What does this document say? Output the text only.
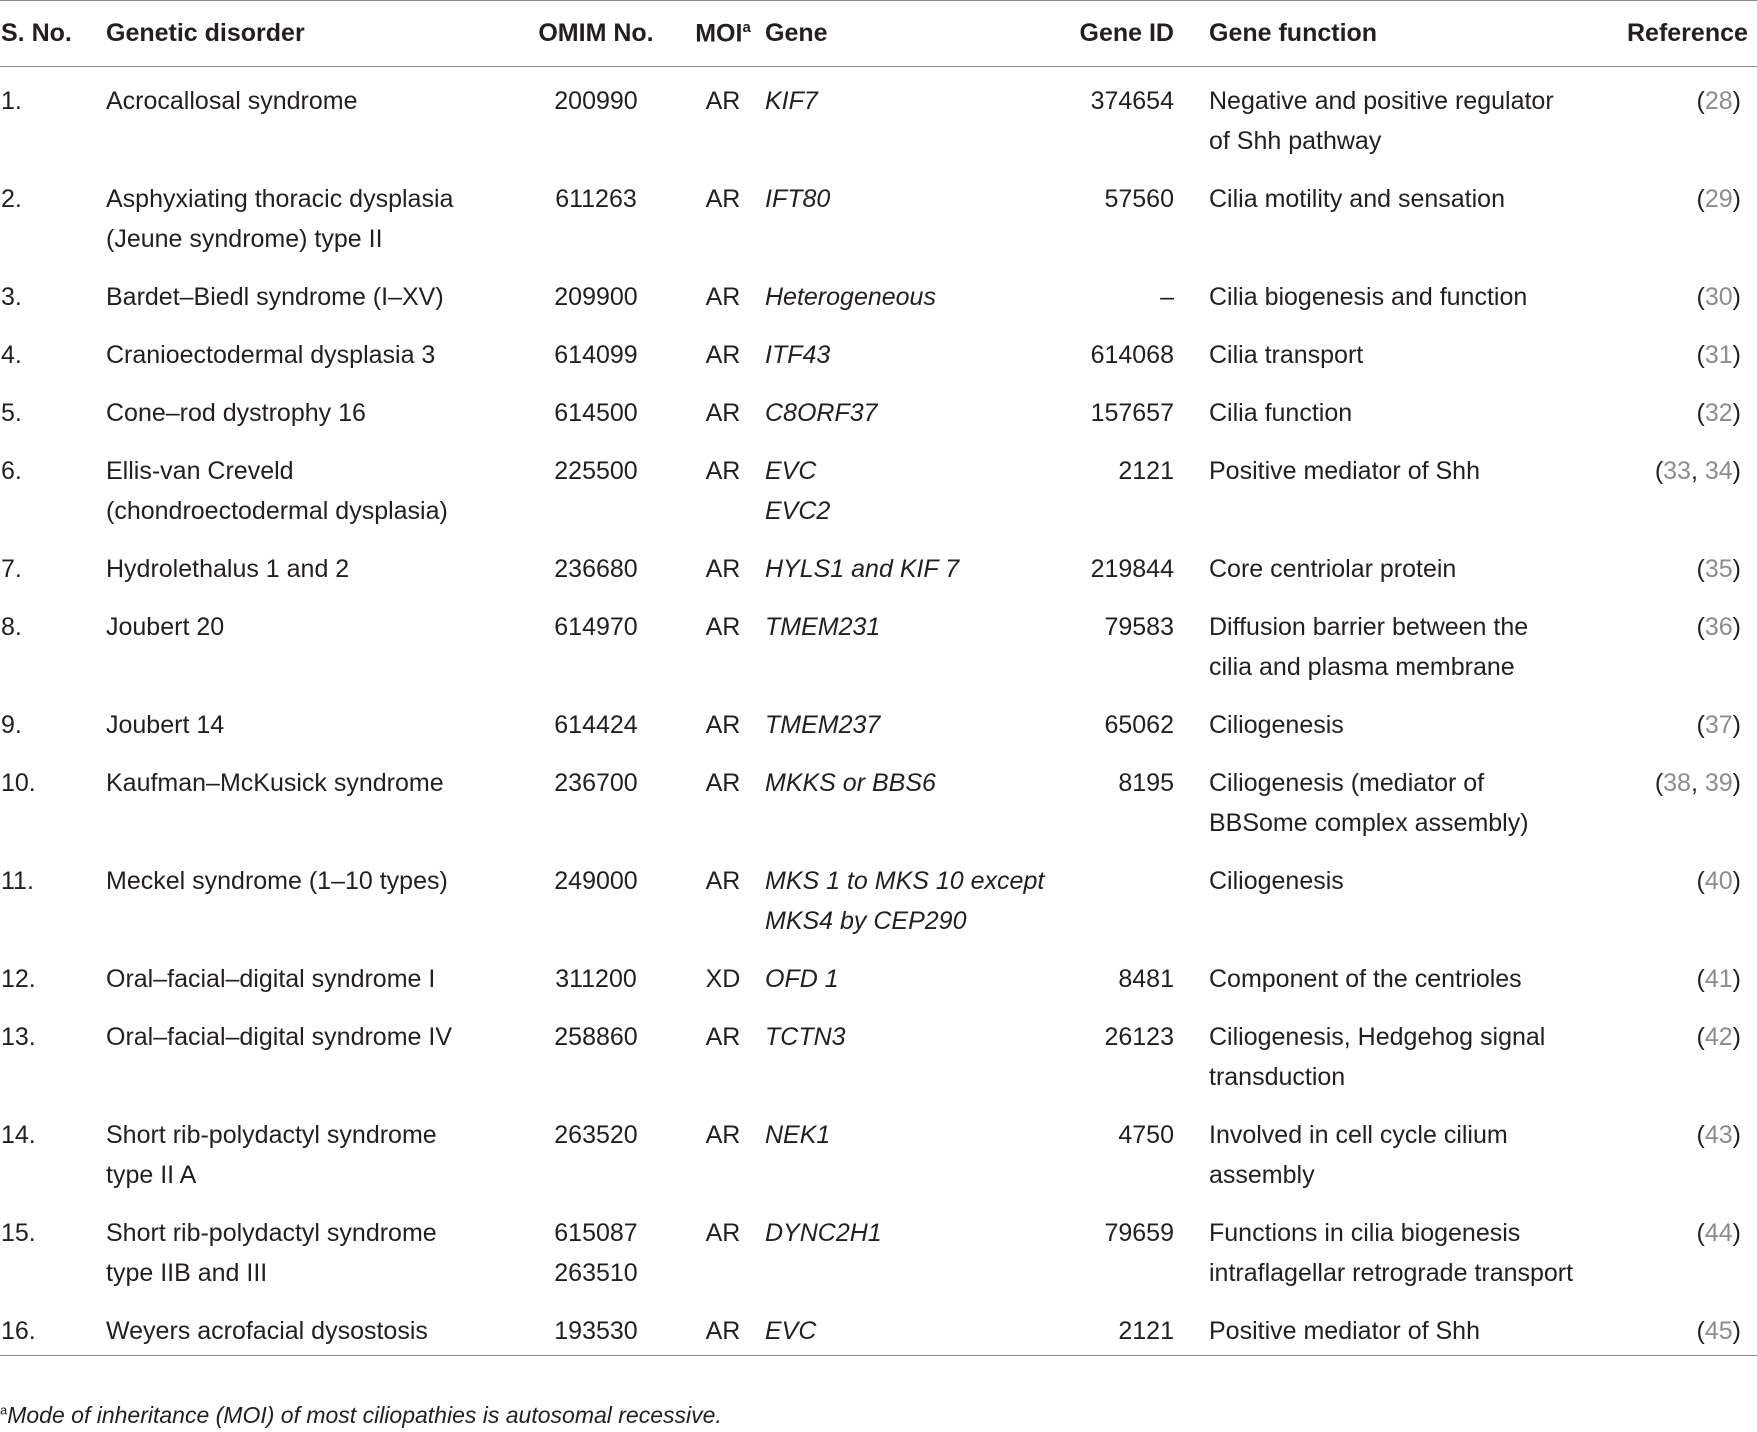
S. No.	Genetic disorder	OMIM No.	MOI$^a$	Gene	Gene ID	Gene function	Reference
1.	Acrocallosal syndrome	200990	AR	KIF7	374654	Negative and positive regulator
of Shh pathway	(28)
2.	Asphyxiating thoracic dysplasia
(Jeune syndrome) type II	611263	AR	IFT80	57560	Cilia motility and sensation	(29)
3.	Bardet–Biedl syndrome (I–XV)	209900	AR	Heterogeneous	–	Cilia biogenesis and function	(30)
4.	Cranioectodermal dysplasia 3	614099	AR	ITF43	614068	Cilia transport	(31)
5.	Cone–rod dystrophy 16	614500	AR	C8ORF37	157657	Cilia function	(32)
6.	Ellis-van Creveld
(chondroectodermal dysplasia)	225500	AR	EVC
EVC2	2121	Positive mediator of Shh	(33, 34)
7.	Hydrolethalus 1 and 2	236680	AR	HYLS1 and KIF 7	219844	Core centriolar protein	(35)
8.	Joubert 20	614970	AR	TMEM231	79583	Diffusion barrier between the
cilia and plasma membrane	(36)
9.	Joubert 14	614424	AR	TMEM237	65062	Ciliogenesis	(37)
10.	Kaufman–McKusick syndrome	236700	AR	MKKS or BBS6	8195	Ciliogenesis (mediator of
BBSome complex assembly)	(38, 39)
11.	Meckel syndrome (1–10 types)	249000	AR	MKS 1 to MKS 10 except
MKS4 by CEP290		Ciliogenesis	(40)
12.	Oral–facial–digital syndrome I	311200	XD	OFD 1	8481	Component of the centrioles	(41)
13.	Oral–facial–digital syndrome IV	258860	AR	TCTN3	26123	Ciliogenesis, Hedgehog signal
transduction	(42)
14.	Short rib-polydactyl syndrome
type II A	263520	AR	NEK1	4750	Involved in cell cycle cilium
assembly	(43)
15.	Short rib-polydactyl syndrome
type IIB and III	615087
263510	AR	DYNC2H1	79659	Functions in cilia biogenesis
intraflagellar retrograde transport	(44)
16.	Weyers acrofacial dysostosis	193530	AR	EVC	2121	Positive mediator of Shh	(45)
$^a$Mode of inheritance (MOI) of most ciliopathies is autosomal recessive.
